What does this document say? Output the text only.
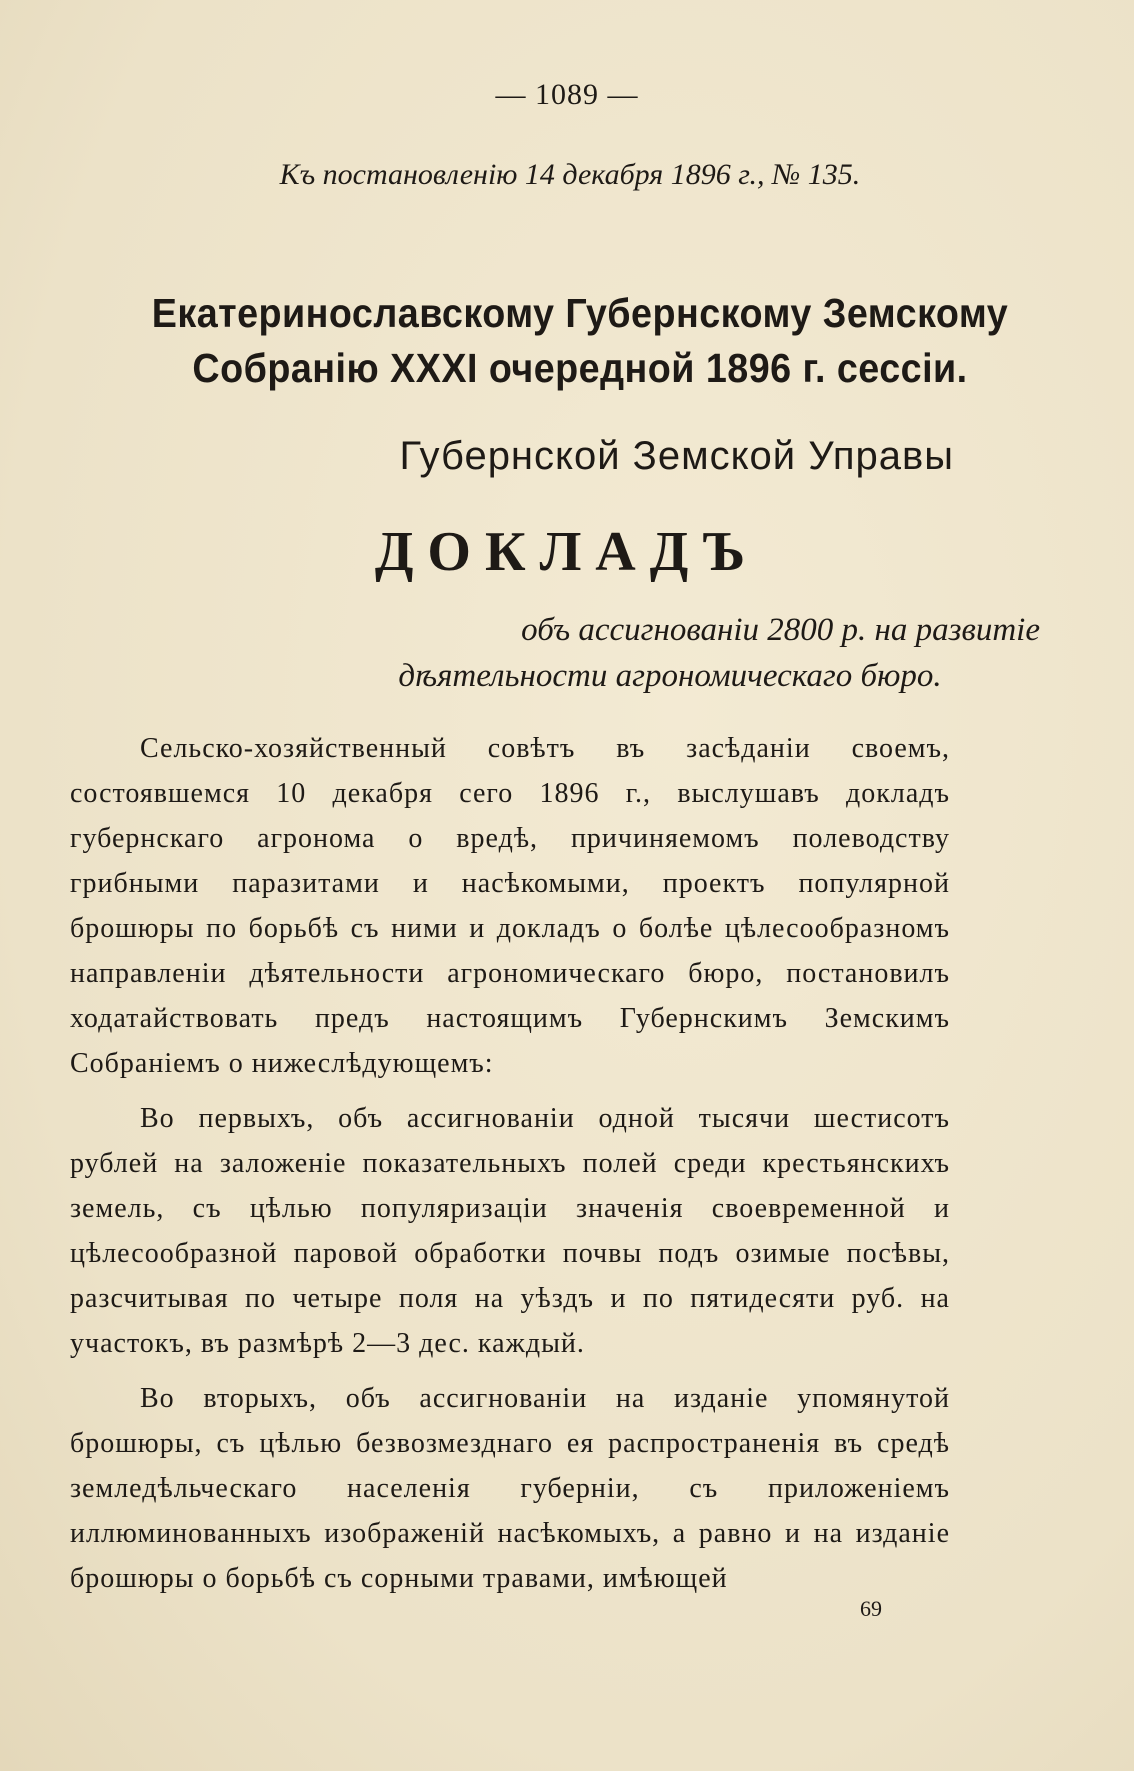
— 1089 —
Къ постановленію 14 декабря 1896 г., № 135.
Екатеринославскому Губернскому Земскому
Собранію XXXI очередной 1896 г. сессіи.
Губернской Земской Управы
ДОКЛАДЪ
объ ассигнованіи 2800 р. на развитіе
дѣятельности агрономическаго бюро.

Сельско-хозяйственный совѣтъ въ засѣданіи своемъ, состоявшемся 10 декабря сего 1896 г., выслушавъ докладъ губернскаго агронома о вредѣ, причиняемомъ полеводству грибными паразитами и насѣкомыми, проектъ популярной брошюры по борьбѣ съ ними и докладъ о болѣе цѣлесообразномъ направленіи дѣятельности агрономическаго бюро, постановилъ ходатайствовать предъ настоящимъ Губернскимъ Земскимъ Собраніемъ о нижеслѣдующемъ:

Во первыхъ, объ ассигнованіи одной тысячи шестисотъ рублей на заложеніе показательныхъ полей среди крестьянскихъ земель, съ цѣлью популяризаціи значенія своевременной и цѣлесообразной паровой обработки почвы подъ озимые посѣвы, разсчитывая по четыре поля на уѣздъ и по пятидесяти руб. на участокъ, въ размѣрѣ 2—3 дес. каждый.

Во вторыхъ, объ ассигнованіи на изданіе упомянутой брошюры, съ цѣлью безвозмезднаго ея распространенія въ средѣ земледѣльческаго населенія губерніи, съ приложеніемъ иллюминованныхъ изображеній насѣкомыхъ, а равно и на изданіе брошюры о борьбѣ съ сорными травами, имѣющей

69
